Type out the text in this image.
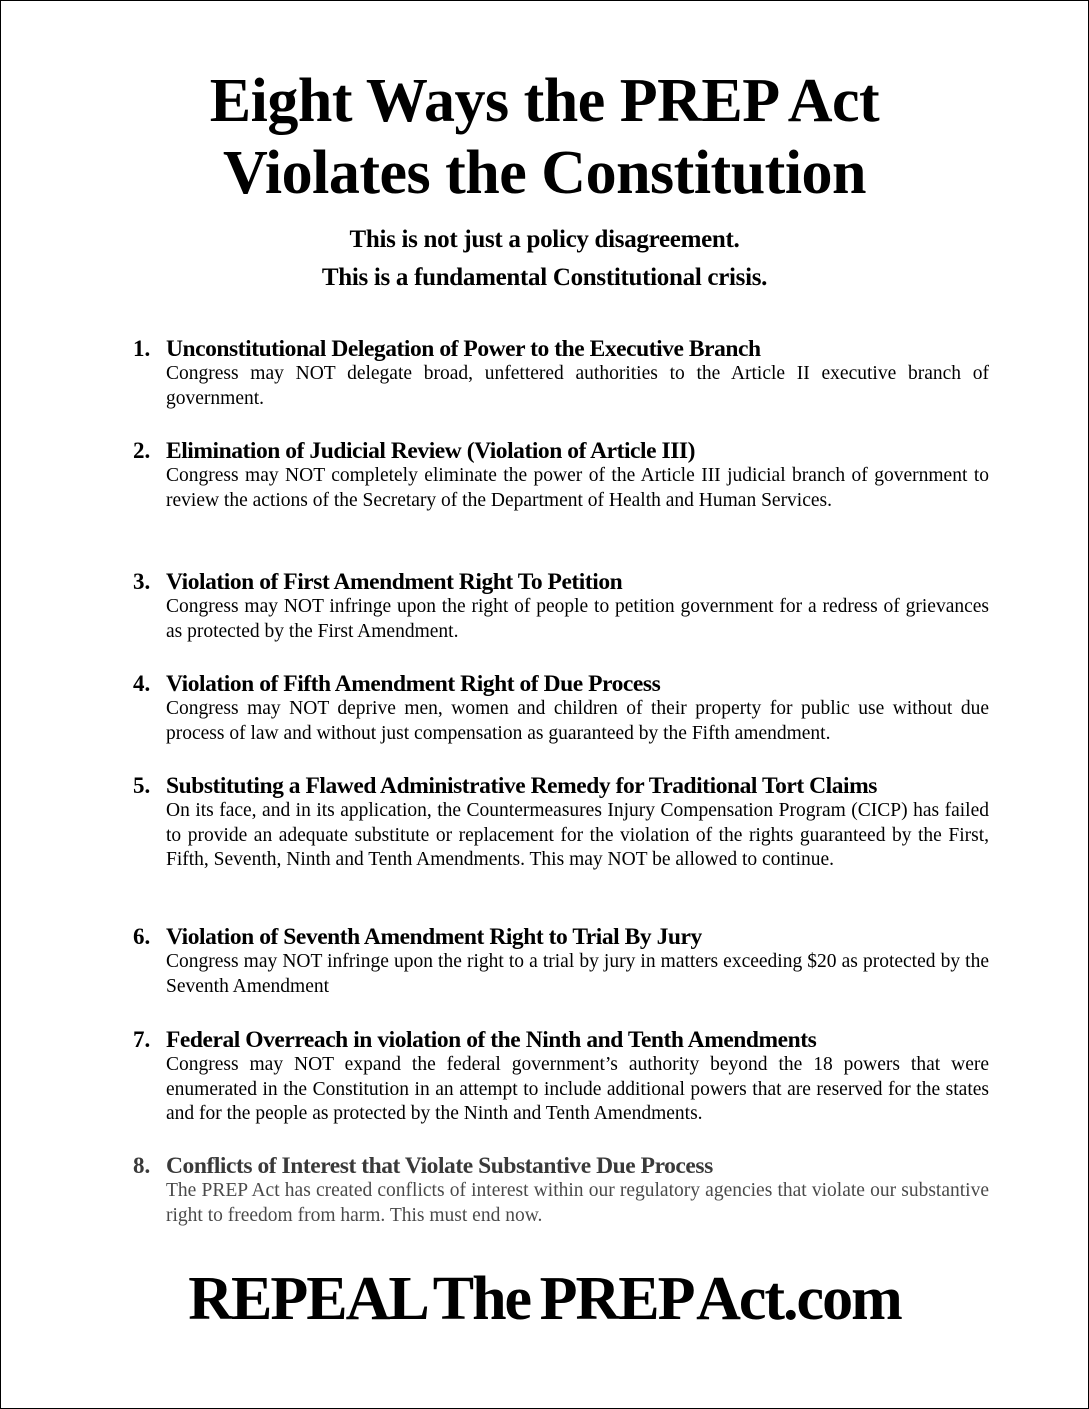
Eight Ways the PREP Act
Violates the Constitution
This is not just a policy disagreement.
This is a fundamental Constitutional crisis.
1. Unconstitutional Delegation of Power to the Executive Branch
Congress may NOT delegate broad, unfettered authorities to the Article II executive branch of government.
2. Elimination of Judicial Review (Violation of Article III)
Congress may NOT completely eliminate the power of the Article III judicial branch of government to review the actions of the Secretary of the Department of Health and Human Services.
3. Violation of First Amendment Right To Petition
Congress may NOT infringe upon the right of people to petition government for a redress of grievances as protected by the First Amendment.
4. Violation of Fifth Amendment Right of Due Process
Congress may NOT deprive men, women and children of their property for public use without due process of law and without just compensation as guaranteed by the Fifth amendment.
5. Substituting a Flawed Administrative Remedy for Traditional Tort Claims
On its face, and in its application, the Countermeasures Injury Compensation Program (CICP) has failed to provide an adequate substitute or replacement for the violation of the rights guaranteed by the First, Fifth, Seventh, Ninth and Tenth Amendments. This may NOT be allowed to continue.
6. Violation of Seventh Amendment Right to Trial By Jury
Congress may NOT infringe upon the right to a trial by jury in matters exceeding $20 as protected by the Seventh Amendment
7. Federal Overreach in violation of the Ninth and Tenth Amendments
Congress may NOT expand the federal government’s authority beyond the 18 powers that were enumerated in the Constitution in an attempt to include additional powers that are reserved for the states and for the people as protected by the Ninth and Tenth Amendments.
8. Conflicts of Interest that Violate Substantive Due Process
The PREP Act has created conflicts of interest within our regulatory agencies that violate our substantive right to freedom from harm. This must end now.
REPEAL The PREP Act.com
